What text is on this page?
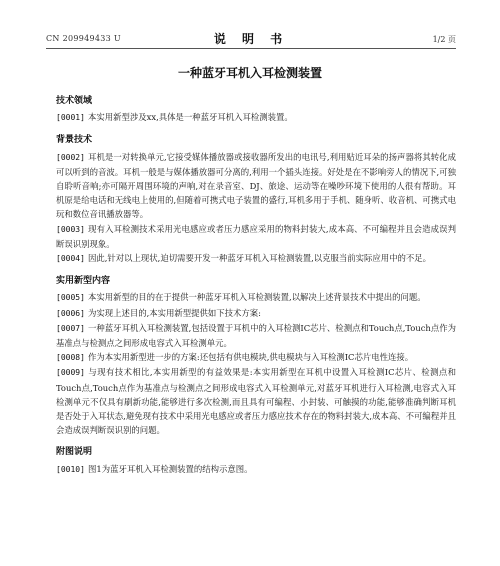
CN 209949433 U	说 明 书	1/2 页
一种蓝牙耳机入耳检测装置
技术领域
[0001] 本实用新型涉及xx,具体是一种蓝牙耳机入耳检测装置。
背景技术
[0002] 耳机是一对转换单元,它接受媒体播放器或接收器所发出的电讯号,利用贴近耳朵的扬声器将其转化成可以听到的音波。耳机一般是与媒体播放器可分离的,利用一个插头连接。好处是在不影响旁人的情况下,可独自聆听音响;亦可隔开周围环境的声响,对在录音室、DJ、旅途、运动等在噪吵环境下使用的人很有帮助。耳机原是给电话和无线电上使用的,但随着可携式电子装置的盛行,耳机多用于手机、随身听、收音机、可携式电玩和数位音讯播放器等。
[0003] 现有入耳检测技术采用光电感应或者压力感应采用的物料封装大,成本高、不可编程并且会造成误判断误识别现象。
[0004] 因此,针对以上现状,迫切需要开发一种蓝牙耳机入耳检测装置,以克服当前实际应用中的不足。
实用新型内容
[0005] 本实用新型的目的在于提供一种蓝牙耳机入耳检测装置,以解决上述背景技术中提出的问题。
[0006] 为实现上述目的,本实用新型提供如下技术方案:
[0007] 一种蓝牙耳机入耳检测装置,包括设置于耳机中的入耳检测IC芯片、检测点和Touch点,Touch点作为基准点与检测点之间形成电容式入耳检测单元。
[0008] 作为本实用新型进一步的方案:还包括有供电模块,供电模块与入耳检测IC芯片电性连接。
[0009] 与现有技术相比,本实用新型的有益效果是:本实用新型在耳机中设置入耳检测IC芯片、检测点和Touch点,Touch点作为基准点与检测点之间形成电容式入耳检测单元,对蓝牙耳机进行入耳检测,电容式入耳检测单元不仅具有刷新功能,能够进行多次检测,而且具有可编程、小封装、可触摸的功能,能够准确判断耳机是否处于入耳状态,避免现有技术中采用光电感应或者压力感应技术存在的物料封装大,成本高、不可编程并且会造成误判断误识别的问题。
附图说明
[0010] 图1为蓝牙耳机入耳检测装置的结构示意图。
